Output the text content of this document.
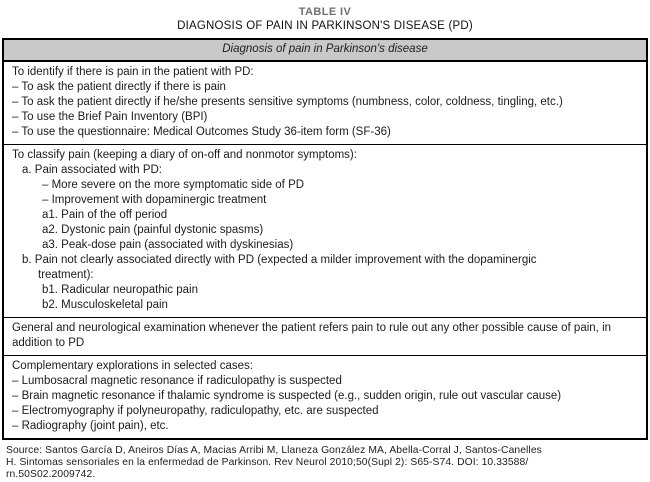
TABLE IV
DIAGNOSIS OF PAIN IN PARKINSON'S DISEASE (PD)
Diagnosis of pain in Parkinson's disease
To identify if there is pain in the patient with PD:
– To ask the patient directly if there is pain
– To ask the patient directly if he/she presents sensitive symptoms (numbness, color, coldness, tingling, etc.)
– To use the Brief Pain Inventory (BPI)
– To use the questionnaire: Medical Outcomes Study 36-item form (SF-36)
To classify pain (keeping a diary of on-off and nonmotor symptoms):
a. Pain associated with PD:
– More severe on the more symptomatic side of PD
– Improvement with dopaminergic treatment
a1. Pain of the off period
a2. Dystonic pain (painful dystonic spasms)
a3. Peak-dose pain (associated with dyskinesias)
b. Pain not clearly associated directly with PD (expected a milder improvement with the dopaminergic treatment):
b1. Radicular neuropathic pain
b2. Musculoskeletal pain
General and neurological examination whenever the patient refers pain to rule out any other possible cause of pain, in addition to PD
Complementary explorations in selected cases:
– Lumbosacral magnetic resonance if radiculopathy is suspected
– Brain magnetic resonance if thalamic syndrome is suspected (e.g., sudden origin, rule out vascular cause)
– Electromyography if polyneuropathy, radiculopathy, etc. are suspected
– Radiography (joint pain), etc.
Source: Santos García D, Aneiros Días A, Macias Arribi M, Llaneza González MA, Abella-Corral J, Santos-Canelles
H. Sintomas sensoriales en la enfermedad de Parkinson. Rev Neurol 2010;50(Supl 2): S65-S74. DOI: 10.33588/
rn.50S02.2009742.
